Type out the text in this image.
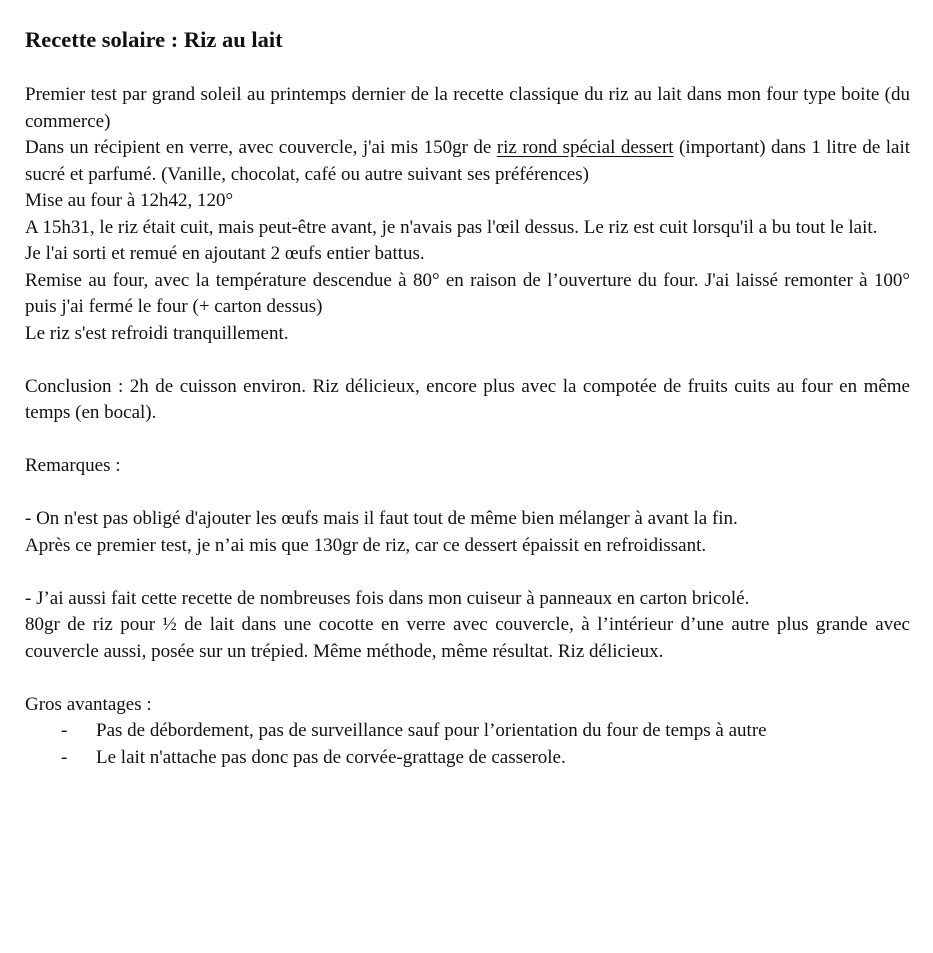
Recette solaire : Riz au lait

Premier test par grand soleil au printemps dernier de la recette classique du riz au lait dans mon four type boite (du commerce)

Dans un récipient en verre, avec couvercle, j'ai mis 150gr de riz rond spécial dessert (important) dans 1 litre de lait sucré et parfumé. (Vanille, chocolat, café ou autre suivant ses préférences)

Mise au four à 12h42, 120°

A 15h31, le riz était cuit, mais peut-être avant, je n'avais pas l'œil dessus. Le riz est cuit lorsqu'il a bu tout le lait.

Je l'ai sorti et remué en ajoutant 2 œufs entier battus.

Remise au four, avec la température descendue à 80° en raison de l’ouverture du four. J'ai laissé remonter à 100° puis j'ai fermé le four (+ carton dessus)

Le riz s'est refroidi tranquillement.

Conclusion : 2h de cuisson environ. Riz délicieux, encore plus avec la compotée de fruits cuits au four en même temps (en bocal).

Remarques :

- On n'est pas obligé d'ajouter les œufs mais il faut tout de même bien mélanger à avant la fin.

Après ce premier test, je n’ai mis que 130gr de riz, car ce dessert épaissit en refroidissant.

- J’ai aussi fait cette recette de nombreuses fois dans mon cuiseur à panneaux en carton bricolé.

80gr de riz pour ½ de lait dans une cocotte en verre avec couvercle, à l’intérieur d’une autre plus grande avec couvercle aussi, posée sur un trépied. Même méthode, même résultat. Riz délicieux.

Gros avantages :

- Pas de débordement, pas de surveillance sauf pour l’orientation du four de temps à autre
- Le lait n'attache pas donc pas de corvée-grattage de casserole.
